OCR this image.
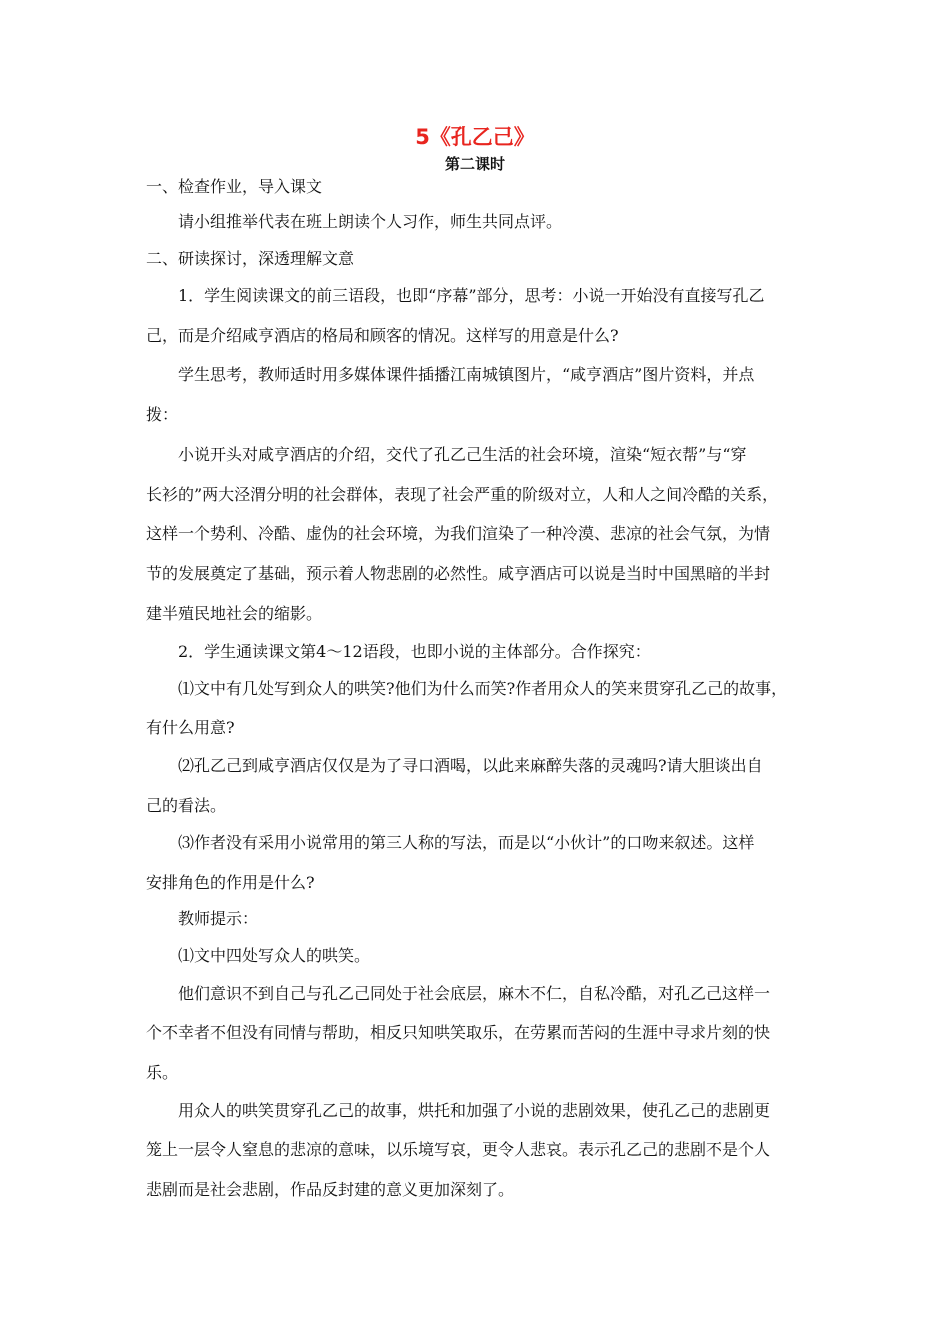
5《孔乙己》
第二课时
一、检查作业，导入课文
请小组推举代表在班上朗读个人习作，师生共同点评。
二、研读探讨，深透理解文意
1．学生阅读课文的前三语段，也即“序幕”部分，思考：小说一开始没有直接写孔乙
己，而是介绍咸亨酒店的格局和顾客的情况。这样写的用意是什么?
学生思考，教师适时用多媒体课件插播江南城镇图片，“咸亨酒店”图片资料，并点
拨：
小说开头对咸亨酒店的介绍，交代了孔乙己生活的社会环境，渲染“短衣帮”与“穿
长衫的”两大泾渭分明的社会群体，表现了社会严重的阶级对立，人和人之间冷酷的关系，
这样一个势利、冷酷、虚伪的社会环境，为我们渲染了一种冷漠、悲凉的社会气氛，为情
节的发展奠定了基础，预示着人物悲剧的必然性。咸亨酒店可以说是当时中国黑暗的半封
建半殖民地社会的缩影。
2．学生通读课文第4～12语段，也即小说的主体部分。合作探究：
⑴文中有几处写到众人的哄笑?他们为什么而笑?作者用众人的笑来贯穿孔乙己的故事，
有什么用意?
⑵孔乙己到咸亨酒店仅仅是为了寻口酒喝，以此来麻醉失落的灵魂吗?请大胆谈出自
己的看法。
⑶作者没有采用小说常用的第三人称的写法，而是以“小伙计”的口吻来叙述。这样
安排角色的作用是什么?
教师提示：
⑴文中四处写众人的哄笑。
他们意识不到自己与孔乙己同处于社会底层，麻木不仁，自私冷酷，对孔乙己这样一
个不幸者不但没有同情与帮助，相反只知哄笑取乐，在劳累而苦闷的生涯中寻求片刻的快
乐。
用众人的哄笑贯穿孔乙己的故事，烘托和加强了小说的悲剧效果，使孔乙己的悲剧更
笼上一层令人窒息的悲凉的意味，以乐境写哀，更令人悲哀。表示孔乙己的悲剧不是个人
悲剧而是社会悲剧，作品反封建的意义更加深刻了。
